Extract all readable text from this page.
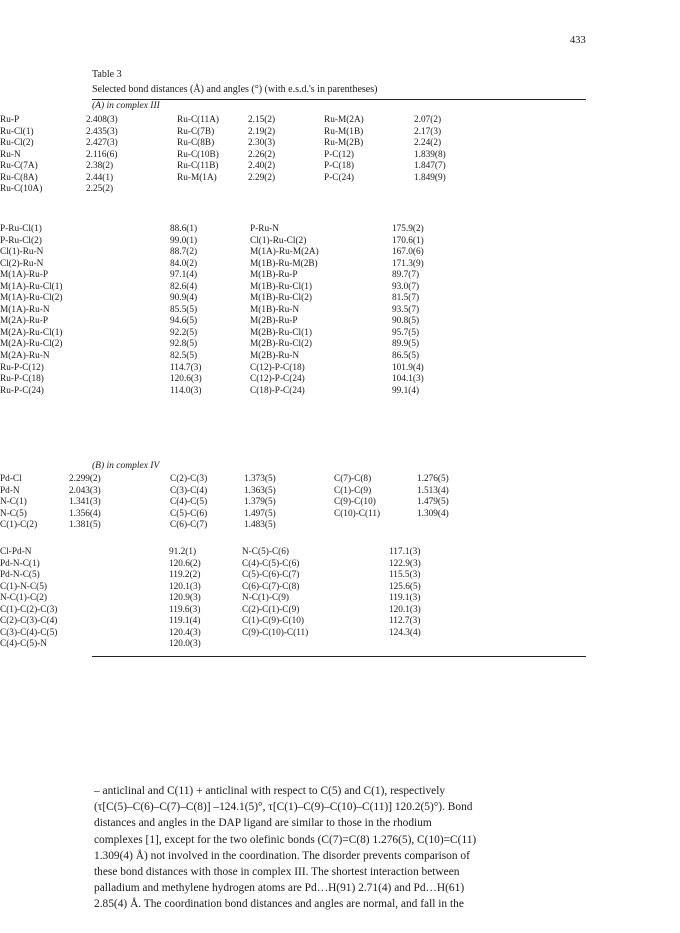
433
Table 3
Selected bond distances (Å) and angles (°) (with e.s.d.'s in parentheses)
(A) in complex III
Ru-P
Ru-Cl(1)
Ru-Cl(2)
Ru-N
Ru-C(7A)
Ru-C(8A)
Ru-C(10A)
2.408(3)
2.435(3)
2.427(3)
2.116(6)
2.38(2)
2.44(1)
2.25(2)
Ru-C(11A)
Ru-C(7B)
Ru-C(8B)
Ru-C(10B)
Ru-C(11B)
Ru-M(1A)
2.15(2)
2.19(2)
2.30(3)
2.26(2)
2.40(2)
2.29(2)
Ru-M(2A)
Ru-M(1B)
Ru-M(2B)
P-C(12)
P-C(18)
P-C(24)
2.07(2)
2.17(3)
2.24(2)
1.839(8)
1.847(7)
1.849(9)
P-Ru-Cl(1)
P-Ru-Cl(2)
Cl(1)-Ru-N
Cl(2)-Ru-N
M(1A)-Ru-P
M(1A)-Ru-Cl(1)
M(1A)-Ru-Cl(2)
M(1A)-Ru-N
M(2A)-Ru-P
M(2A)-Ru-Cl(1)
M(2A)-Ru-Cl(2)
M(2A)-Ru-N
Ru-P-C(12)
Ru-P-C(18)
Ru-P-C(24)
88.6(1)
99.0(1)
88.7(2)
84.0(2)
97.1(4)
82.6(4)
90.9(4)
85.5(5)
94.6(5)
92.2(5)
92.8(5)
82.5(5)
114.7(3)
120.6(3)
114.0(3)
P-Ru-N
Cl(1)-Ru-Cl(2)
M(1A)-Ru-M(2A)
M(1B)-Ru-M(2B)
M(1B)-Ru-P
M(1B)-Ru-Cl(1)
M(1B)-Ru-Cl(2)
M(1B)-Ru-N
M(2B)-Ru-P
M(2B)-Ru-Cl(1)
M(2B)-Ru-Cl(2)
M(2B)-Ru-N
C(12)-P-C(18)
C(12)-P-C(24)
C(18)-P-C(24)
175.9(2)
170.6(1)
167.0(6)
171.3(9)
89.7(7)
93.0(7)
81.5(7)
93.5(7)
90.8(5)
95.7(5)
89.9(5)
86.5(5)
101.9(4)
104.1(3)
99.1(4)
(B) in complex IV
Pd-Cl
Pd-N
N-C(1)
N-C(5)
C(1)-C(2)
2.299(2)
2.043(3)
1.341(3)
1.356(4)
1.381(5)
C(2)-C(3)
C(3)-C(4)
C(4)-C(5)
C(5)-C(6)
C(6)-C(7)
1.373(5)
1.363(5)
1.379(5)
1.497(5)
1.483(5)
C(7)-C(8)
C(1)-C(9)
C(9)-C(10)
C(10)-C(11)
1.276(5)
1.513(4)
1.479(5)
1.309(4)
Cl-Pd-N
Pd-N-C(1)
Pd-N-C(5)
C(1)-N-C(5)
N-C(1)-C(2)
C(1)-C(2)-C(3)
C(2)-C(3)-C(4)
C(3)-C(4)-C(5)
C(4)-C(5)-N
91.2(1)
120.6(2)
119.2(2)
120.1(3)
120.9(3)
119.6(3)
119.1(4)
120.4(3)
120.0(3)
N-C(5)-C(6)
C(4)-C(5)-C(6)
C(5)-C(6)-C(7)
C(6)-C(7)-C(8)
N-C(1)-C(9)
C(2)-C(1)-C(9)
C(1)-C(9)-C(10)
C(9)-C(10)-C(11)
117.1(3)
122.9(3)
115.5(3)
125.6(5)
119.1(3)
120.1(3)
112.7(3)
124.3(4)
– anticlinal and C(11) + anticlinal with respect to C(5) and C(1), respectively
(τ[C(5)–C(6)–C(7)–C(8)] –124.1(5)°, τ[C(1)–C(9)–C(10)–C(11)] 120.2(5)°). Bond
distances and angles in the DAP ligand are similar to those in the rhodium
complexes [1], except for the two olefinic bonds (C(7)=C(8) 1.276(5), C(10)=C(11)
1.309(4) Å) not involved in the coordination. The disorder prevents comparison of
these bond distances with those in complex III. The shortest interaction between
palladium and methylene hydrogen atoms are Pd…H(91) 2.71(4) and Pd…H(61)
2.85(4) Å. The coordination bond distances and angles are normal, and fall in the
